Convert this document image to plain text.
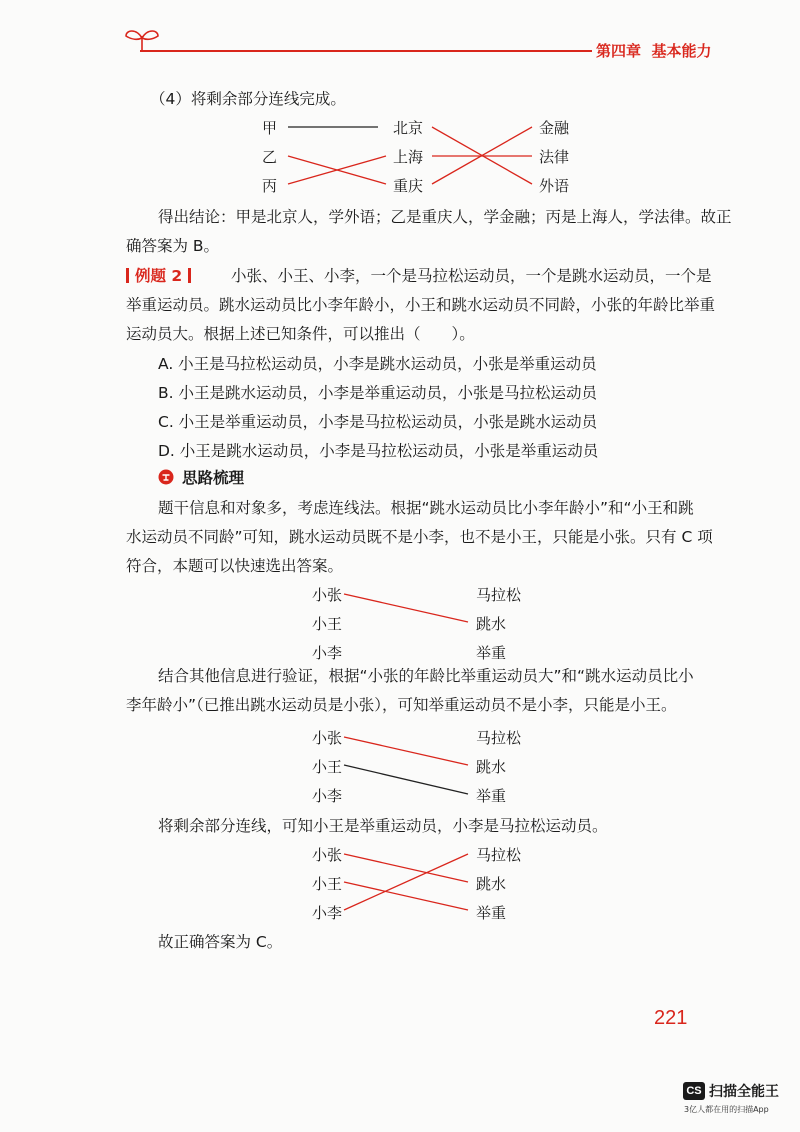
第四章 基本能力
（4）将剩余部分连线完成。
甲
乙
丙
北京
上海
重庆
金融
法律
外语
得出结论：甲是北京人，学外语；乙是重庆人，学金融；丙是上海人，学法律。故正
确答案为 B。
例题 2	小张、小王、小李，一个是马拉松运动员，一个是跳水运动员，一个是
举重运动员。跳水运动员比小李年龄小，小王和跳水运动员不同龄，小张的年龄比举重
运动员大。根据上述已知条件，可以推出（　　）。
A. 小王是马拉松运动员，小李是跳水运动员，小张是举重运动员
B. 小王是跳水运动员，小李是举重运动员，小张是马拉松运动员
C. 小王是举重运动员，小李是马拉松运动员，小张是跳水运动员
D. 小王是跳水运动员，小李是马拉松运动员，小张是举重运动员
思路梳理
题干信息和对象多，考虑连线法。根据“跳水运动员比小李年龄小”和“小王和跳
水运动员不同龄”可知，跳水运动员既不是小李，也不是小王，只能是小张。只有 C 项
符合，本题可以快速选出答案。
小张
小王
小李
马拉松
跳水
举重
结合其他信息进行验证，根据“小张的年龄比举重运动员大”和“跳水运动员比小
李年龄小”（已推出跳水运动员是小张），可知举重运动员不是小李，只能是小王。
小张
小王
小李
马拉松
跳水
举重
将剩余部分连线，可知小王是举重运动员，小李是马拉松运动员。
小张
小王
小李
马拉松
跳水
举重
故正确答案为 C。
221
CS 扫描全能王
3亿人都在用的扫描App
